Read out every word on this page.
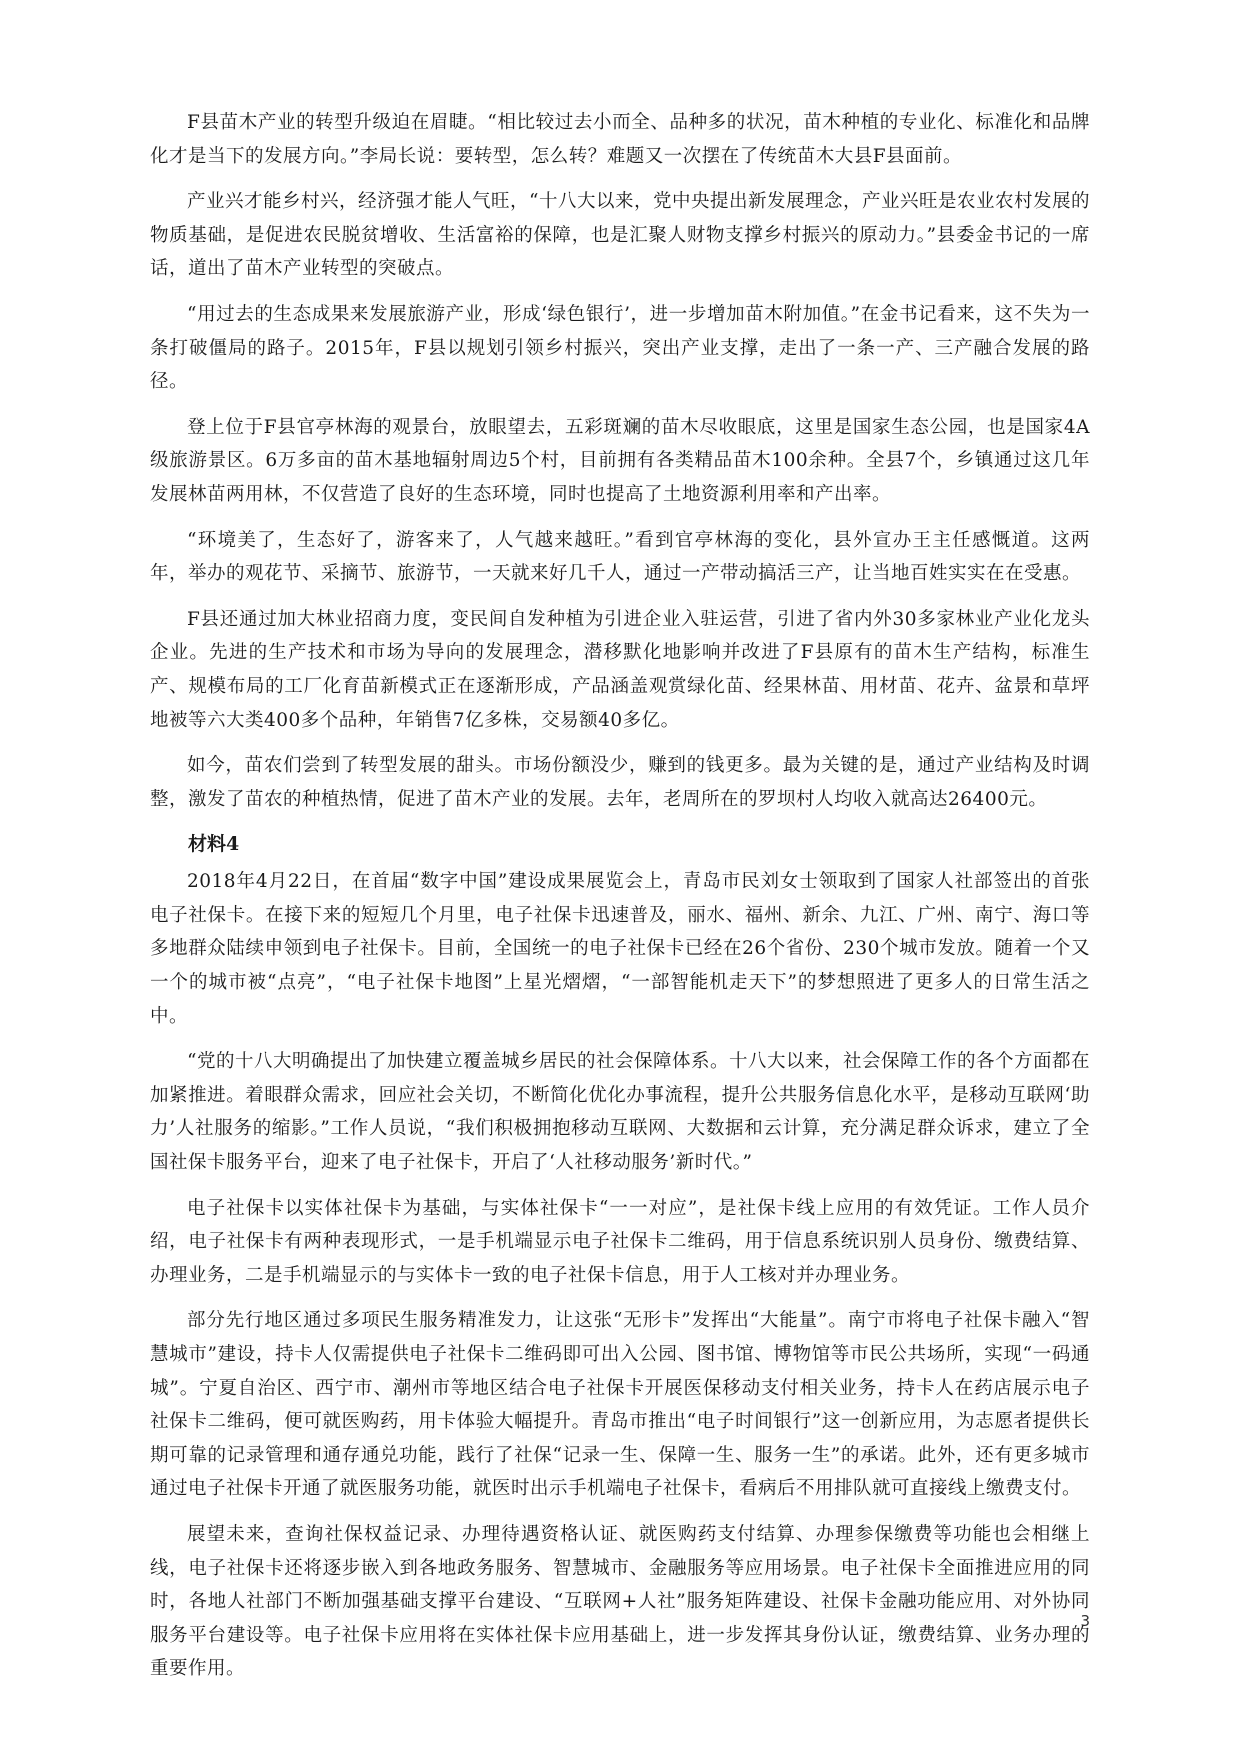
F县苗木产业的转型升级迫在眉睫。“相比较过去小而全、品种多的状况，苗木种植的专业化、标准化和品牌化才是当下的发展方向。”李局长说：要转型，怎么转？难题又一次摆在了传统苗木大县F县面前。

产业兴才能乡村兴，经济强才能人气旺，“十八大以来，党中央提出新发展理念，产业兴旺是农业农村发展的物质基础，是促进农民脱贫增收、生活富裕的保障，也是汇聚人财物支撑乡村振兴的原动力。”县委金书记的一席话，道出了苗木产业转型的突破点。

“用过去的生态成果来发展旅游产业，形成‘绿色银行’，进一步增加苗木附加值。”在金书记看来，这不失为一条打破僵局的路子。2015年，F县以规划引领乡村振兴，突出产业支撑，走出了一条一产、三产融合发展的路径。

登上位于F县官亭林海的观景台，放眼望去，五彩斑斓的苗木尽收眼底，这里是国家生态公园，也是国家4A级旅游景区。6万多亩的苗木基地辐射周边5个村，目前拥有各类精品苗木100余种。全县7个，乡镇通过这几年发展林苗两用林，不仅营造了良好的生态环境，同时也提高了土地资源利用率和产出率。

“环境美了，生态好了，游客来了，人气越来越旺。”看到官亭林海的变化，县外宣办王主任感慨道。这两年，举办的观花节、采摘节、旅游节，一天就来好几千人，通过一产带动搞活三产，让当地百姓实实在在受惠。

F县还通过加大林业招商力度，变民间自发种植为引进企业入驻运营，引进了省内外30多家林业产业化龙头企业。先进的生产技术和市场为导向的发展理念，潜移默化地影响并改进了F县原有的苗木生产结构，标准生产、规模布局的工厂化育苗新模式正在逐渐形成，产品涵盖观赏绿化苗、经果林苗、用材苗、花卉、盆景和草坪地被等六大类400多个品种，年销售7亿多株，交易额40多亿。

如今，苗农们尝到了转型发展的甜头。市场份额没少，赚到的钱更多。最为关键的是，通过产业结构及时调整，激发了苗农的种植热情，促进了苗木产业的发展。去年，老周所在的罗坝村人均收入就高达26400元。

材料4

2018年4月22日，在首届“数字中国”建设成果展览会上，青岛市民刘女士领取到了国家人社部签出的首张电子社保卡。在接下来的短短几个月里，电子社保卡迅速普及，丽水、福州、新余、九江、广州、南宁、海口等多地群众陆续申领到电子社保卡。目前，全国统一的电子社保卡已经在26个省份、230个城市发放。随着一个又一个的城市被“点亮”，“电子社保卡地图”上星光熠熠，“一部智能机走天下”的梦想照进了更多人的日常生活之中。

“党的十八大明确提出了加快建立覆盖城乡居民的社会保障体系。十八大以来，社会保障工作的各个方面都在加紧推进。着眼群众需求，回应社会关切，不断简化优化办事流程，提升公共服务信息化水平，是移动互联网‘助力’人社服务的缩影。”工作人员说，“我们积极拥抱移动互联网、大数据和云计算，充分满足群众诉求，建立了全国社保卡服务平台，迎来了电子社保卡，开启了‘人社移动服务’新时代。”

电子社保卡以实体社保卡为基础，与实体社保卡“一一对应”，是社保卡线上应用的有效凭证。工作人员介绍，电子社保卡有两种表现形式，一是手机端显示电子社保卡二维码，用于信息系统识别人员身份、缴费结算、办理业务，二是手机端显示的与实体卡一致的电子社保卡信息，用于人工核对并办理业务。

部分先行地区通过多项民生服务精准发力，让这张“无形卡”发挥出“大能量”。南宁市将电子社保卡融入“智慧城市”建设，持卡人仅需提供电子社保卡二维码即可出入公园、图书馆、博物馆等市民公共场所，实现“一码通城”。宁夏自治区、西宁市、潮州市等地区结合电子社保卡开展医保移动支付相关业务，持卡人在药店展示电子社保卡二维码，便可就医购药，用卡体验大幅提升。青岛市推出“电子时间银行”这一创新应用，为志愿者提供长期可靠的记录管理和通存通兑功能，践行了社保“记录一生、保障一生、服务一生”的承诺。此外，还有更多城市通过电子社保卡开通了就医服务功能，就医时出示手机端电子社保卡，看病后不用排队就可直接线上缴费支付。

展望未来，查询社保权益记录、办理待遇资格认证、就医购药支付结算、办理参保缴费等功能也会相继上线，电子社保卡还将逐步嵌入到各地政务服务、智慧城市、金融服务等应用场景。电子社保卡全面推进应用的同时，各地人社部门不断加强基础支撑平台建设、“互联网+人社”服务矩阵建设、社保卡金融功能应用、对外协同服务平台建设等。电子社保卡应用将在实体社保卡应用基础上，进一步发挥其身份认证，缴费结算、业务办理的重要作用。

3
